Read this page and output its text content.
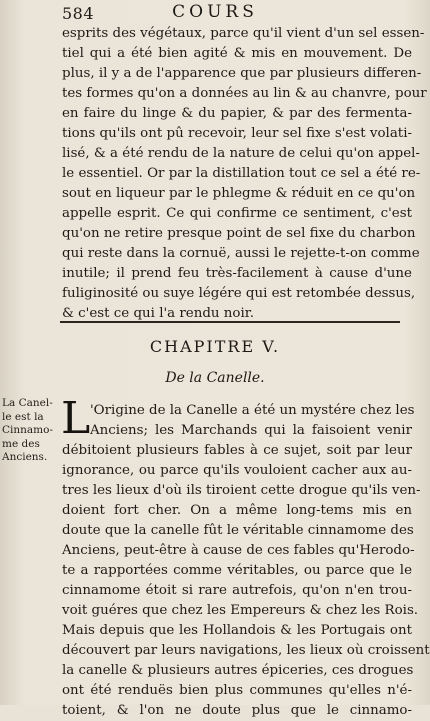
584	COURS
esprits des végétaux, parce qu'il vient d'un sel essen-
tiel qui a été bien agité & mis en mouvement. De
plus, il y a de l'apparence que par plusieurs differen-
tes formes qu'on a données au lin & au chanvre, pour
en faire du linge & du papier, & par des fermenta-
tions qu'ils ont pû recevoir, leur sel fixe s'est volati-
lisé, & a été rendu de la nature de celui qu'on appel-
le essentiel. Or par la distillation tout ce sel a été re-
sout en liqueur par le phlegme & réduit en ce qu'on
appelle esprit. Ce qui confirme ce sentiment, c'est
qu'on ne retire presque point de sel fixe du charbon
qui reste dans la cornuë, aussi le rejette-t-on comme
inutile; il prend feu très-facilement à cause d'une
fuliginosité ou suye légére qui est retombée dessus,
& c'est ce qui l'a rendu noir.
CHAPITRE V.
De la Canelle.
La Canel-
le est la
Cinnamo-
me des
Anciens.
L 'Origine de la Canelle a été un mystére chez les
Anciens; les Marchands qui la faisoient venir
débitoient plusieurs fables à ce sujet, soit par leur
ignorance, ou parce qu'ils vouloient cacher aux au-
tres les lieux d'où ils tiroient cette drogue qu'ils ven-
doient fort cher. On a même long-tems mis en
doute que la canelle fût le véritable cinnamome des
Anciens, peut-être à cause de ces fables qu'Herodo-
te a rapportées comme véritables, ou parce que le
cinnamome étoit si rare autrefois, qu'on n'en trou-
voit guéres que chez les Empereurs & chez les Rois.
Mais depuis que les Hollandois & les Portugais ont
découvert par leurs navigations, les lieux où croissent
la canelle & plusieurs autres épiceries, ces drogues
ont été renduës bien plus communes qu'elles n'é-
toient, & l'on ne doute plus que le cinnamo-
